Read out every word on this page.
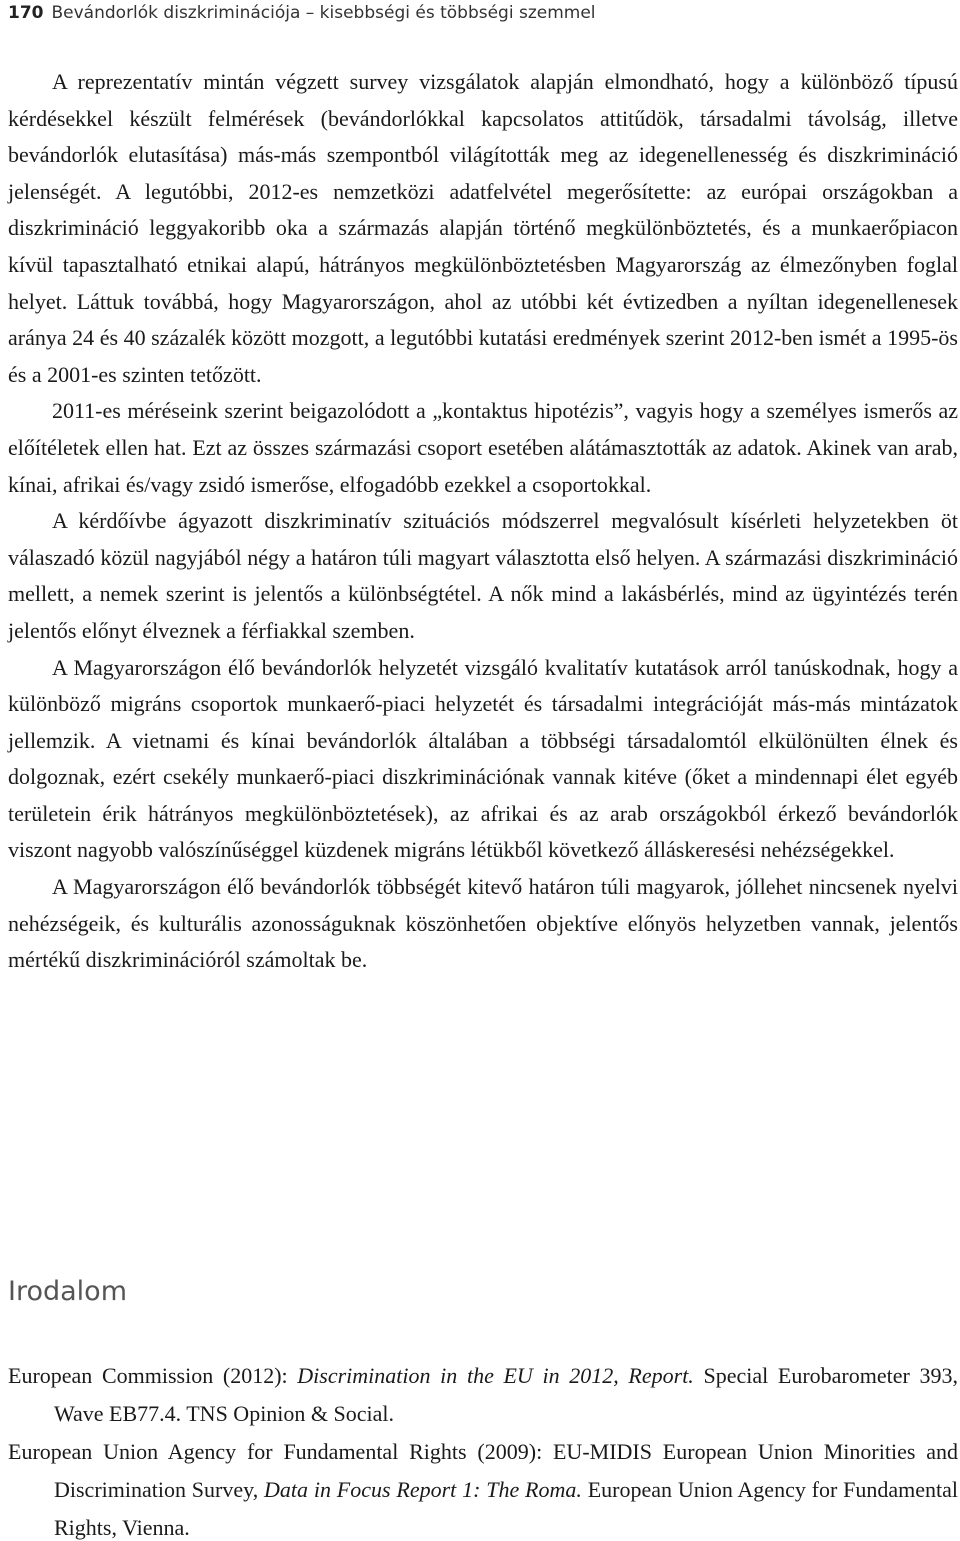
170 Bevándorlók diszkriminációja – kisebbségi és többségi szemmel

A reprezentatív mintán végzett survey vizsgálatok alapján elmondható, hogy a különböző típusú kérdésekkel készült felmérések (bevándorlókkal kapcsolatos attitűdök, társadalmi távolság, illetve bevándorlók elutasítása) más-más szempontból világították meg az idegenellenesség és diszkrimináció jelenségét. A legutóbbi, 2012-es nemzetközi adatfelvétel megerősítette: az európai országokban a diszkrimináció leggyakoribb oka a származás alapján történő megkülönböztetés, és a munkaerőpiacon kívül tapasztalható etnikai alapú, hátrányos megkülönböztetésben Magyarország az élmezőnyben foglal helyet. Láttuk továbbá, hogy Magyarországon, ahol az utóbbi két évtizedben a nyíltan idegenellenesek aránya 24 és 40 százalék között mozgott, a legutóbbi kutatási eredmények szerint 2012-ben ismét a 1995-ös és a 2001-es szinten tetőzött.

2011-es méréseink szerint beigazolódott a „kontaktus hipotézis”, vagyis hogy a személyes ismerős az előítéletek ellen hat. Ezt az összes származási csoport esetében alátámasztották az adatok. Akinek van arab, kínai, afrikai és/vagy zsidó ismerőse, elfogadóbb ezekkel a csoportokkal.

A kérdőívbe ágyazott diszkriminatív szituációs módszerrel megvalósult kísérleti helyzetekben öt válaszadó közül nagyjából négy a határon túli magyart választotta első helyen. A származási diszkrimináció mellett, a nemek szerint is jelentős a különbségtétel. A nők mind a lakásbérlés, mind az ügyintézés terén jelentős előnyt élveznek a férfiakkal szemben.

A Magyarországon élő bevándorlók helyzetét vizsgáló kvalitatív kutatások arról tanúskodnak, hogy a különböző migráns csoportok munkaerő-piaci helyzetét és társadalmi integrációját más-más mintázatok jellemzik. A vietnami és kínai bevándorlók általában a többségi társadalomtól elkülönülten élnek és dolgoznak, ezért csekély munkaerő-piaci diszkriminációnak vannak kitéve (őket a mindennapi élet egyéb területein érik hátrányos megkülönböztetések), az afrikai és az arab országokból érkező bevándorlók viszont nagyobb valószínűséggel küzdenek migráns létükből következő álláskeresési nehézségekkel.

A Magyarországon élő bevándorlók többségét kitevő határon túli magyarok, jóllehet nincsenek nyelvi nehézségeik, és kulturális azonosságuknak köszönhetően objektíve előnyös helyzetben vannak, jelentős mértékű diszkriminációról számoltak be.

Irodalom

European Commission (2012): Discrimination in the EU in 2012, Report. Special Eurobarometer 393, Wave EB77.4. TNS Opinion & Social.

European Union Agency for Fundamental Rights (2009): EU-MIDIS European Union Minorities and Discrimination Survey, Data in Focus Report 1: The Roma. European Union Agency for Fundamental Rights, Vienna.
